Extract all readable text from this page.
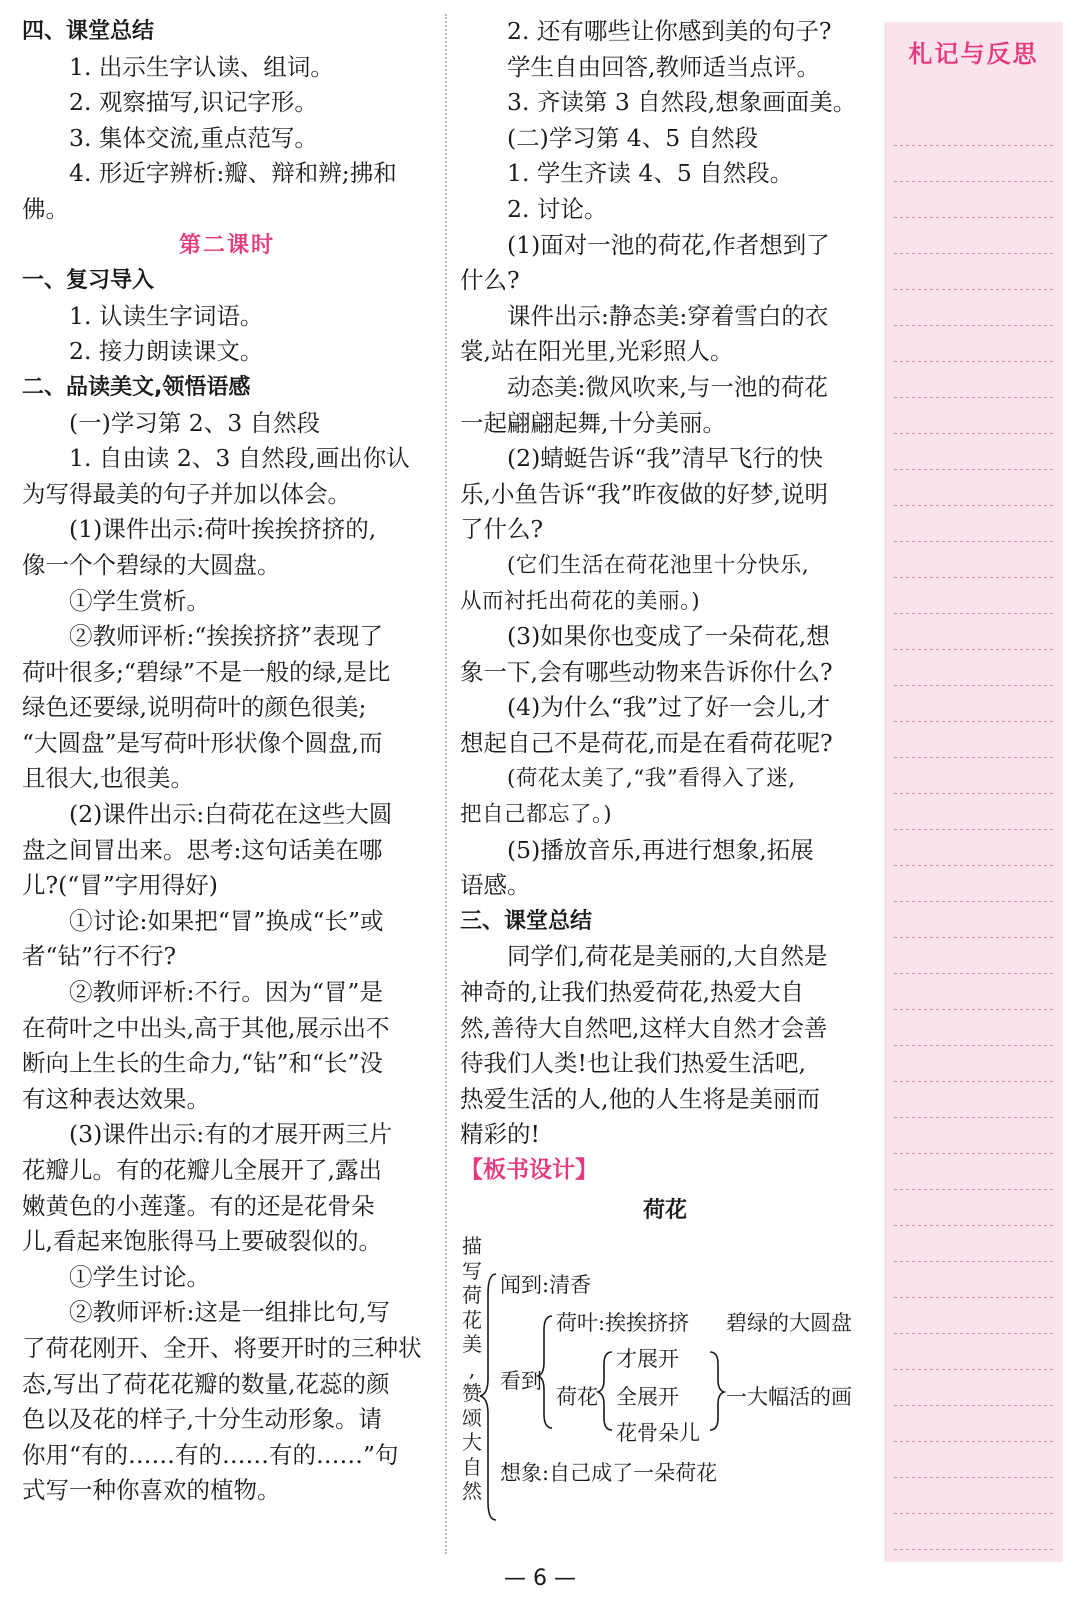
四、课堂总结
1. 出示生字认读、组词。
2. 观察描写,识记字形。
3. 集体交流,重点范写。
4. 形近字辨析:瓣、辩和辨;拂和
佛。
第二课时
一、复习导入
1. 认读生字词语。
2. 接力朗读课文。
二、品读美文,领悟语感
(一)学习第 2、3 自然段
1. 自由读 2、3 自然段,画出你认
为写得最美的句子并加以体会。
(1)课件出示:荷叶挨挨挤挤的,
像一个个碧绿的大圆盘。
①学生赏析。
②教师评析:“挨挨挤挤”表现了
荷叶很多;“碧绿”不是一般的绿,是比
绿色还要绿,说明荷叶的颜色很美;
“大圆盘”是写荷叶形状像个圆盘,而
且很大,也很美。
(2)课件出示:白荷花在这些大圆
盘之间冒出来。思考:这句话美在哪
儿?(“冒”字用得好)
①讨论:如果把“冒”换成“长”或
者“钻”行不行?
②教师评析:不行。因为“冒”是
在荷叶之中出头,高于其他,展示出不
断向上生长的生命力,“钻”和“长”没
有这种表达效果。
(3)课件出示:有的才展开两三片
花瓣儿。有的花瓣儿全展开了,露出
嫩黄色的小莲蓬。有的还是花骨朵
儿,看起来饱胀得马上要破裂似的。
①学生讨论。
②教师评析:这是一组排比句,写
了荷花刚开、全开、将要开时的三种状
态,写出了荷花花瓣的数量,花蕊的颜
色以及花的样子,十分生动形象。请
你用“有的……有的……有的……”句
式写一种你喜欢的植物。
2. 还有哪些让你感到美的句子?
学生自由回答,教师适当点评。
3. 齐读第 3 自然段,想象画面美。
(二)学习第 4、5 自然段
1. 学生齐读 4、5 自然段。
2. 讨论。
(1)面对一池的荷花,作者想到了
什么?
课件出示:静态美:穿着雪白的衣
裳,站在阳光里,光彩照人。
动态美:微风吹来,与一池的荷花
一起翩翩起舞,十分美丽。
(2)蜻蜓告诉“我”清早飞行的快
乐,小鱼告诉“我”昨夜做的好梦,说明
了什么?
(它们生活在荷花池里十分快乐,
从而衬托出荷花的美丽。)
(3)如果你也变成了一朵荷花,想
象一下,会有哪些动物来告诉你什么?
(4)为什么“我”过了好一会儿,才
想起自己不是荷花,而是在看荷花呢?
(荷花太美了,“我”看得入了迷,
把自己都忘了。)
(5)播放音乐,再进行想象,拓展
语感。
三、课堂总结
同学们,荷花是美丽的,大自然是
神奇的,让我们热爱荷花,热爱大自
然,善待大自然吧,这样大自然才会善
待我们人类!也让我们热爱生活吧,
热爱生活的人,他的人生将是美丽而
精彩的!
【板书设计】
荷花
描
写
荷
花
美
,
赞
颂
大
自
然
闻到:清香
看到
荷叶:挨挨挤挤 碧绿的大圆盘
荷花
才展开
全展开
花骨朵儿
一大幅活的画
想象:自己成了一朵荷花
札记与反思
— 6 —
